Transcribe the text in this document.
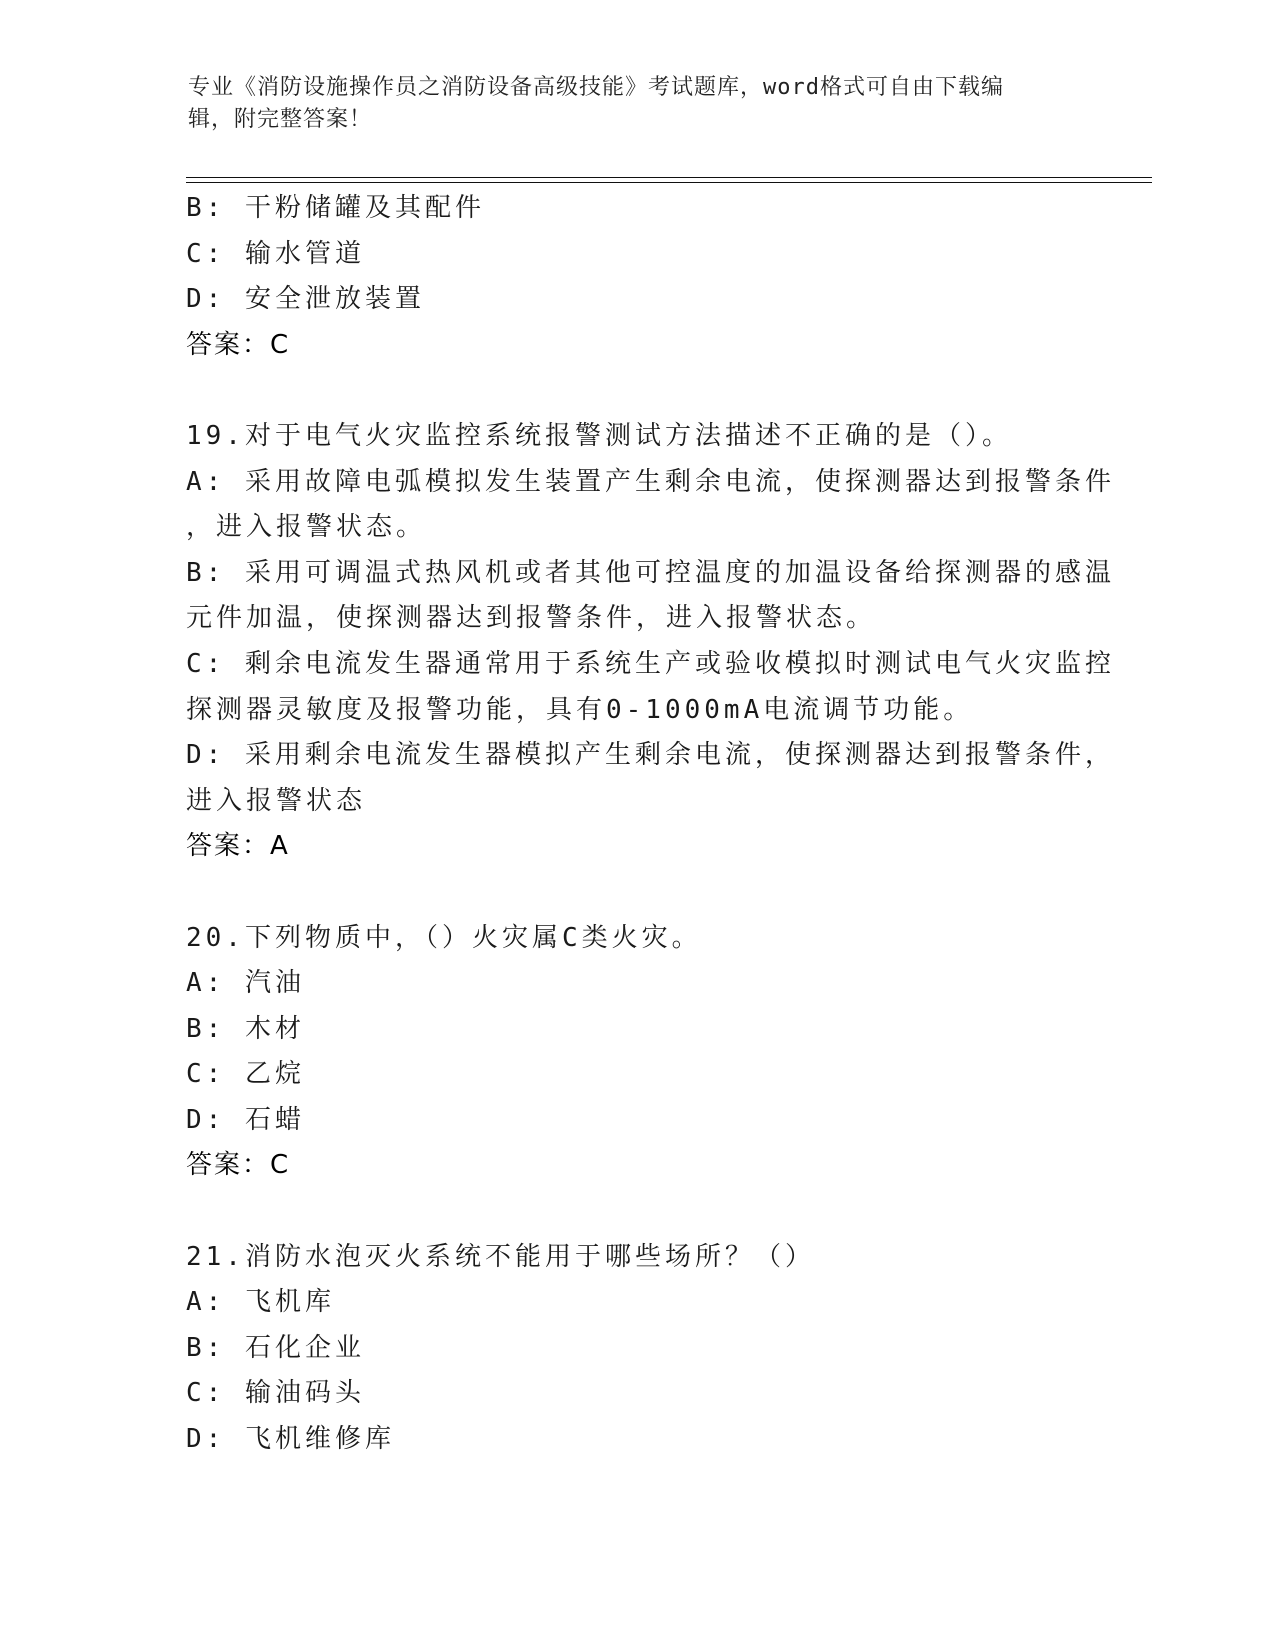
专业《消防设施操作员之消防设备高级技能》考试题库，word格式可自由下载编
辑，附完整答案！
B: 干粉储罐及其配件
C: 输水管道
D: 安全泄放装置
答案：C
19.对于电气火灾监控系统报警测试方法描述不正确的是（）。
A: 采用故障电弧模拟发生装置产生剩余电流，使探测器达到报警条件
，进入报警状态。
B: 采用可调温式热风机或者其他可控温度的加温设备给探测器的感温
元件加温，使探测器达到报警条件，进入报警状态。
C: 剩余电流发生器通常用于系统生产或验收模拟时测试电气火灾监控
探测器灵敏度及报警功能，具有0-1000mA电流调节功能。
D: 采用剩余电流发生器模拟产生剩余电流，使探测器达到报警条件，
进入报警状态
答案：A
20.下列物质中，（）火灾属C类火灾。
A: 汽油
B: 木材
C: 乙烷
D: 石蜡
答案：C
21.消防水泡灭火系统不能用于哪些场所？（）
A: 飞机库
B: 石化企业
C: 输油码头
D: 飞机维修库
